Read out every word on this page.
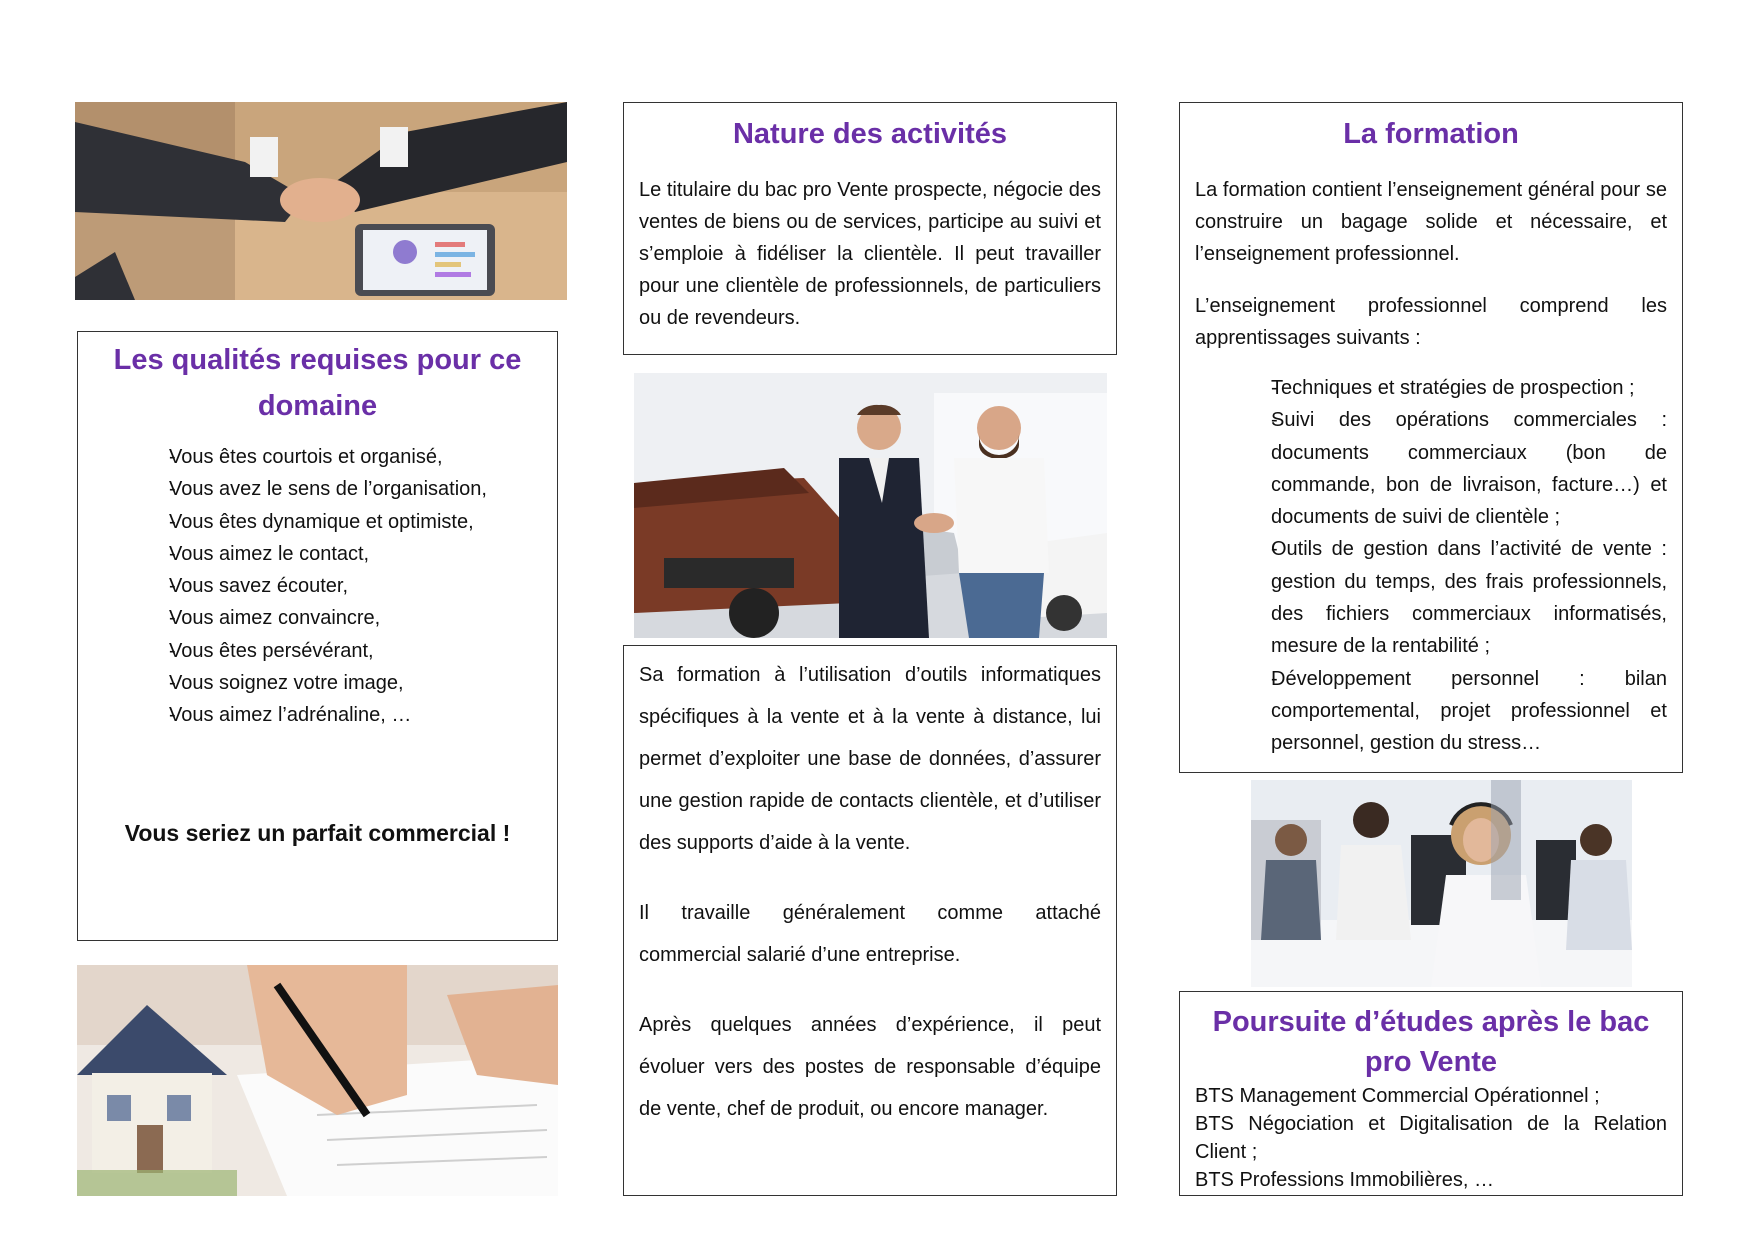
Les qualités requises pour ce domaine
- Vous êtes courtois et organisé,
- Vous avez le sens de l’organisation,
- Vous êtes dynamique et optimiste,
- Vous aimez le contact,
- Vous savez écouter,
- Vous aimez convaincre,
- Vous êtes persévérant,
- Vous soignez votre image,
- Vous aimez l’adrénaline, …

Vous seriez un parfait commercial !

Nature des activités

Le titulaire du bac pro Vente prospecte, négocie des ventes de biens ou de services, participe au suivi et s’emploie à fidéliser la clientèle. Il peut travailler pour une clientèle de professionnels, de particuliers ou de revendeurs.

Sa formation à l’utilisation d’outils informatiques spécifiques à la vente et à la vente à distance, lui permet d’exploiter une base de données, d’assurer une gestion rapide de contacts clientèle, et d’utiliser des supports d’aide à la vente.

Il travaille généralement comme attaché commercial salarié d’une entreprise.

Après quelques années d’expérience, il peut évoluer vers des postes de responsable d’équipe de vente, chef de produit, ou encore manager.

La formation

La formation contient l’enseignement général pour se construire un bagage solide et nécessaire, et l’enseignement professionnel.

L’enseignement professionnel comprend les apprentissages suivants :

- Techniques et stratégies de prospection ;
- Suivi des opérations commerciales : documents commerciaux (bon de commande, bon de livraison, facture…) et documents de suivi de clientèle ;
- Outils de gestion dans l’activité de vente : gestion du temps, des frais professionnels, des fichiers commerciaux informatisés, mesure de la rentabilité ;
- Développement personnel : bilan comportemental, projet professionnel et personnel, gestion du stress…
Poursuite d’études après le bac pro Vente
BTS Management Commercial Opérationnel ;
BTS Négociation et Digitalisation de la Relation Client ;
BTS Professions Immobilières, …
